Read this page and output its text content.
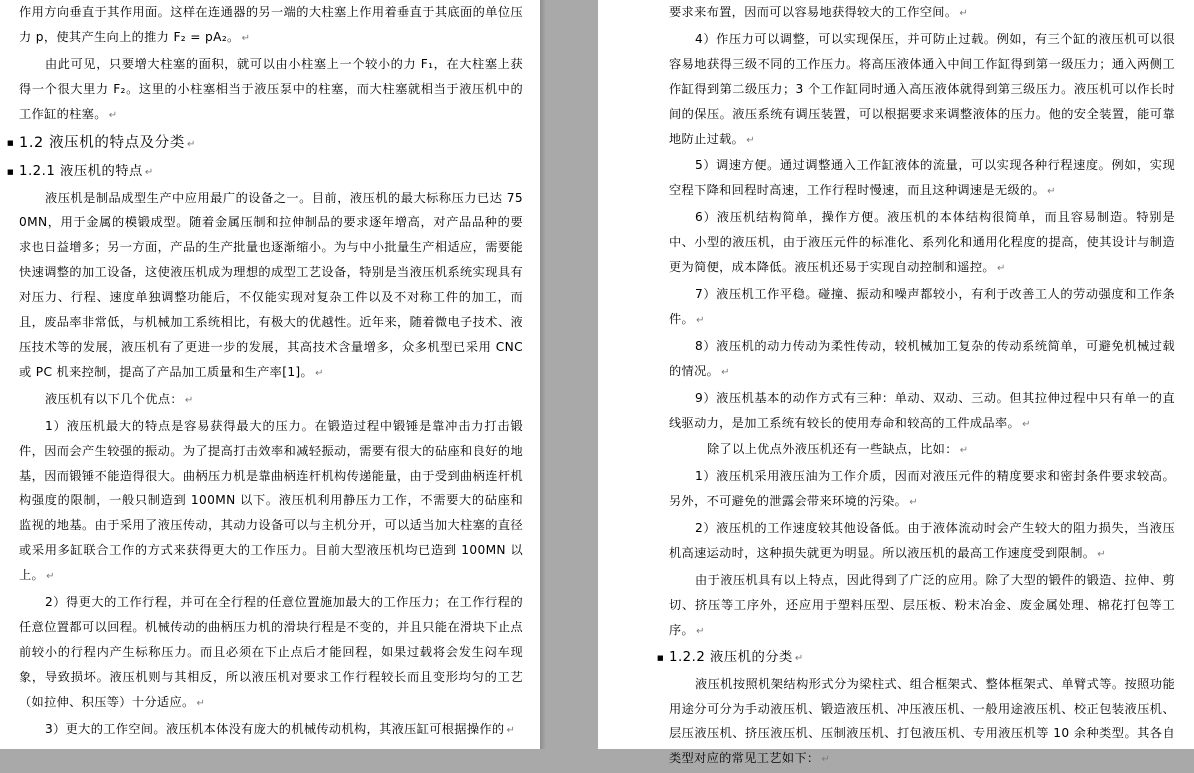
作用方向垂直于其作用面。这样在连通器的另一端的大柱塞上作用着垂直于其底面的单位压力 p，使其产生向上的推力 F₂ = pA₂。 ↵

由此可见，只要增大柱塞的面积，就可以由小柱塞上一个较小的力 F₁，在大柱塞上获得一个很大里力 F₂。这里的小柱塞相当于液压泵中的柱塞，而大柱塞就相当于液压机中的工作缸的柱塞。 ↵

■ 1.2 液压机的特点及分类 ↵
■ 1.2.1 液压机的特点 ↵

液压机是制品成型生产中应用最广的设备之一。目前，液压机的最大标称压力已达 750MN，用于金属的模锻成型。随着金属压制和拉伸制品的要求逐年增高，对产品品种的要求也日益增多；另一方面，产品的生产批量也逐渐缩小。为与中小批量生产相适应，需要能快速调整的加工设备，这使液压机成为理想的成型工艺设备，特别是当液压机系统实现具有对压力、行程、速度单独调整功能后，不仅能实现对复杂工件以及不对称工件的加工，而且，废品率非常低，与机械加工系统相比，有极大的优越性。近年来，随着微电子技术、液压技术等的发展，液压机有了更进一步的发展，其高技术含量增多，众多机型已采用 CNC 或 PC 机来控制，提高了产品加工质量和生产率[1]。 ↵

液压机有以下几个优点： ↵

1）液压机最大的特点是容易获得最大的压力。在锻造过程中锻锤是靠冲击力打击锻件，因而会产生较强的振动。为了提高打击效率和减轻振动，需要有很大的砧座和良好的地基，因而锻锤不能造得很大。曲柄压力机是靠曲柄连杆机构传递能量，由于受到曲柄连杆机构强度的限制，一般只制造到 100MN 以下。液压机利用静压力工作，不需要大的砧座和监视的地基。由于采用了液压传动，其动力设备可以与主机分开，可以适当加大柱塞的直径或采用多缸联合工作的方式来获得更大的工作压力。目前大型液压机均已造到 100MN 以上。 ↵

2）得更大的工作行程，并可在全行程的任意位置施加最大的工作压力；在工作行程的任意位置都可以回程。机械传动的曲柄压力机的滑块行程是不变的，并且只能在滑块下止点前较小的行程内产生标称压力。而且必须在下止点后才能回程，如果过载将会发生闷车现象，导致损坏。液压机则与其相反，所以液压机对要求工作行程较长而且变形均匀的工艺（如拉伸、积压等）十分适应。 ↵

3）更大的工作空间。液压机本体没有庞大的机械传动机构，其液压缸可根据操作的 ↵

要求来布置，因而可以容易地获得较大的工作空间。 ↵

4）作压力可以调整，可以实现保压，并可防止过载。例如，有三个缸的液压机可以很容易地获得三级不同的工作压力。将高压液体通入中间工作缸得到第一级压力；通入两侧工作缸得到第二级压力；3 个工作缸同时通入高压液体就得到第三级压力。液压机可以作长时间的保压。液压系统有调压装置，可以根据要求来调整液体的压力。他的安全装置，能可靠地防止过载。 ↵

5）调速方便。通过调整通入工作缸液体的流量，可以实现各种行程速度。例如，实现空程下降和回程时高速，工作行程时慢速，而且这种调速是无级的。 ↵

6）液压机结构简单，操作方便。液压机的本体结构很简单，而且容易制造。特别是中、小型的液压机，由于液压元件的标准化、系列化和通用化程度的提高，使其设计与制造更为简便，成本降低。液压机还易于实现自动控制和遥控。 ↵

7）液压机工作平稳。碰撞、振动和噪声都较小，有利于改善工人的劳动强度和工作条件。 ↵

8）液压机的动力传动为柔性传动，较机械加工复杂的传动系统简单，可避免机械过载的情况。 ↵

9）液压机基本的动作方式有三种：单动、双动、三动。但其拉伸过程中只有单一的直线驱动力，是加工系统有较长的使用寿命和较高的工件成品率。 ↵

除了以上优点外液压机还有一些缺点，比如： ↵

1）液压机采用液压油为工作介质，因而对液压元件的精度要求和密封条件要求较高。另外，不可避免的泄露会带来环境的污染。 ↵

2）液压机的工作速度较其他设备低。由于液体流动时会产生较大的阻力损失，当液压机高速运动时，这种损失就更为明显。所以液压机的最高工作速度受到限制。 ↵

由于液压机具有以上特点，因此得到了广泛的应用。除了大型的锻件的锻造、拉伸、剪切、挤压等工序外，还应用于塑料压型、层压板、粉末冶金、废金属处理、棉花打包等工序。 ↵

■ 1.2.2 液压机的分类 ↵

液压机按照机架结构形式分为梁柱式、组合框架式、整体框架式、单臂式等。按照功能用途分可分为手动液压机、锻造液压机、冲压液压机、一般用途液压机、校正包装液压机、层压液压机、挤压液压机、压制液压机、打包液压机、专用液压机等 10 余种类型。其各自类型对应的常见工艺如下： ↵
